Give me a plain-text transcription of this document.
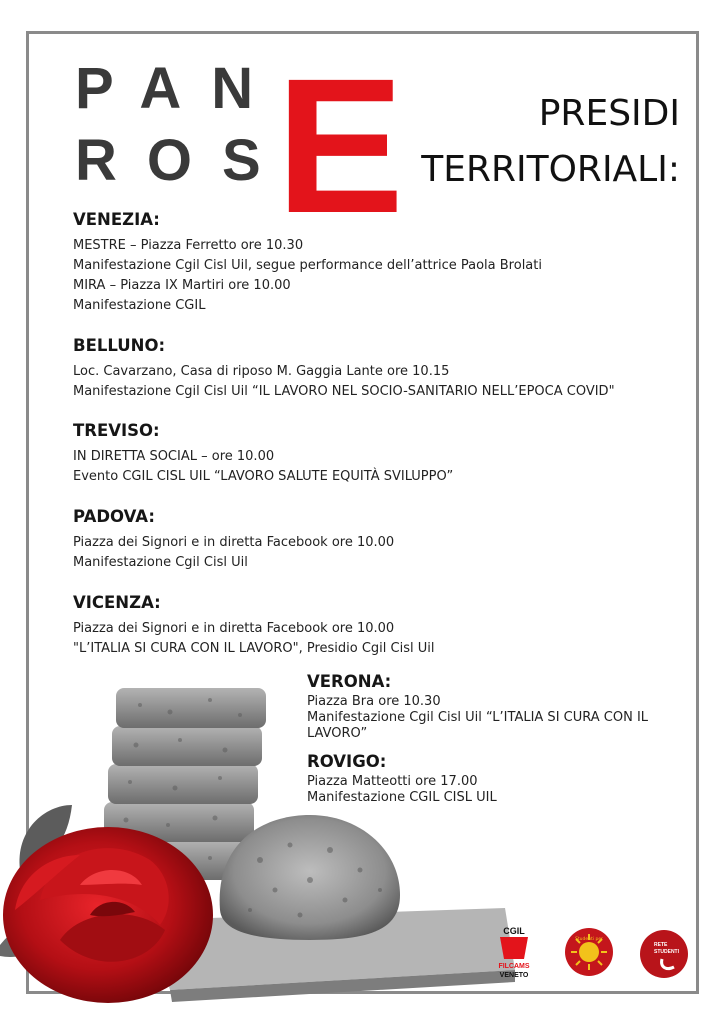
PAN
ROS
E	PRESIDI
TERRITORIALI:
VENEZIA:

MESTRE – Piazza Ferretto ore 10.30

Manifestazione Cgil Cisl Uil, segue performance dell’attrice Paola Brolati

MIRA – Piazza IX Martiri ore 10.00

Manifestazione CGIL

BELLUNO:

Loc. Cavarzano, Casa di riposo M. Gaggia Lante ore 10.15

Manifestazione Cgil Cisl Uil “IL LAVORO NEL SOCIO-SANITARIO NELL’EPOCA COVID"

TREVISO:

IN DIRETTA SOCIAL – ore 10.00

Evento CGIL CISL UIL “LAVORO SALUTE EQUITÀ SVILUPPO”

PADOVA:

Piazza dei Signori e in diretta Facebook ore 10.00

Manifestazione Cgil Cisl Uil

VICENZA:

Piazza dei Signori e in diretta Facebook ore 10.00

"L’ITALIA SI CURA CON IL LAVORO", Presidio Cgil Cisl Uil

VERONA:

Piazza Bra ore 10.30

Manifestazione Cgil Cisl Uil “L’ITALIA SI CURA CON IL

LAVORO”

ROVIGO:

Piazza Matteotti ore 17.00

Manifestazione CGIL CISL UIL

CGIL
FILCAMS
VENETO
Studenti per
RETE
STUDENTI
